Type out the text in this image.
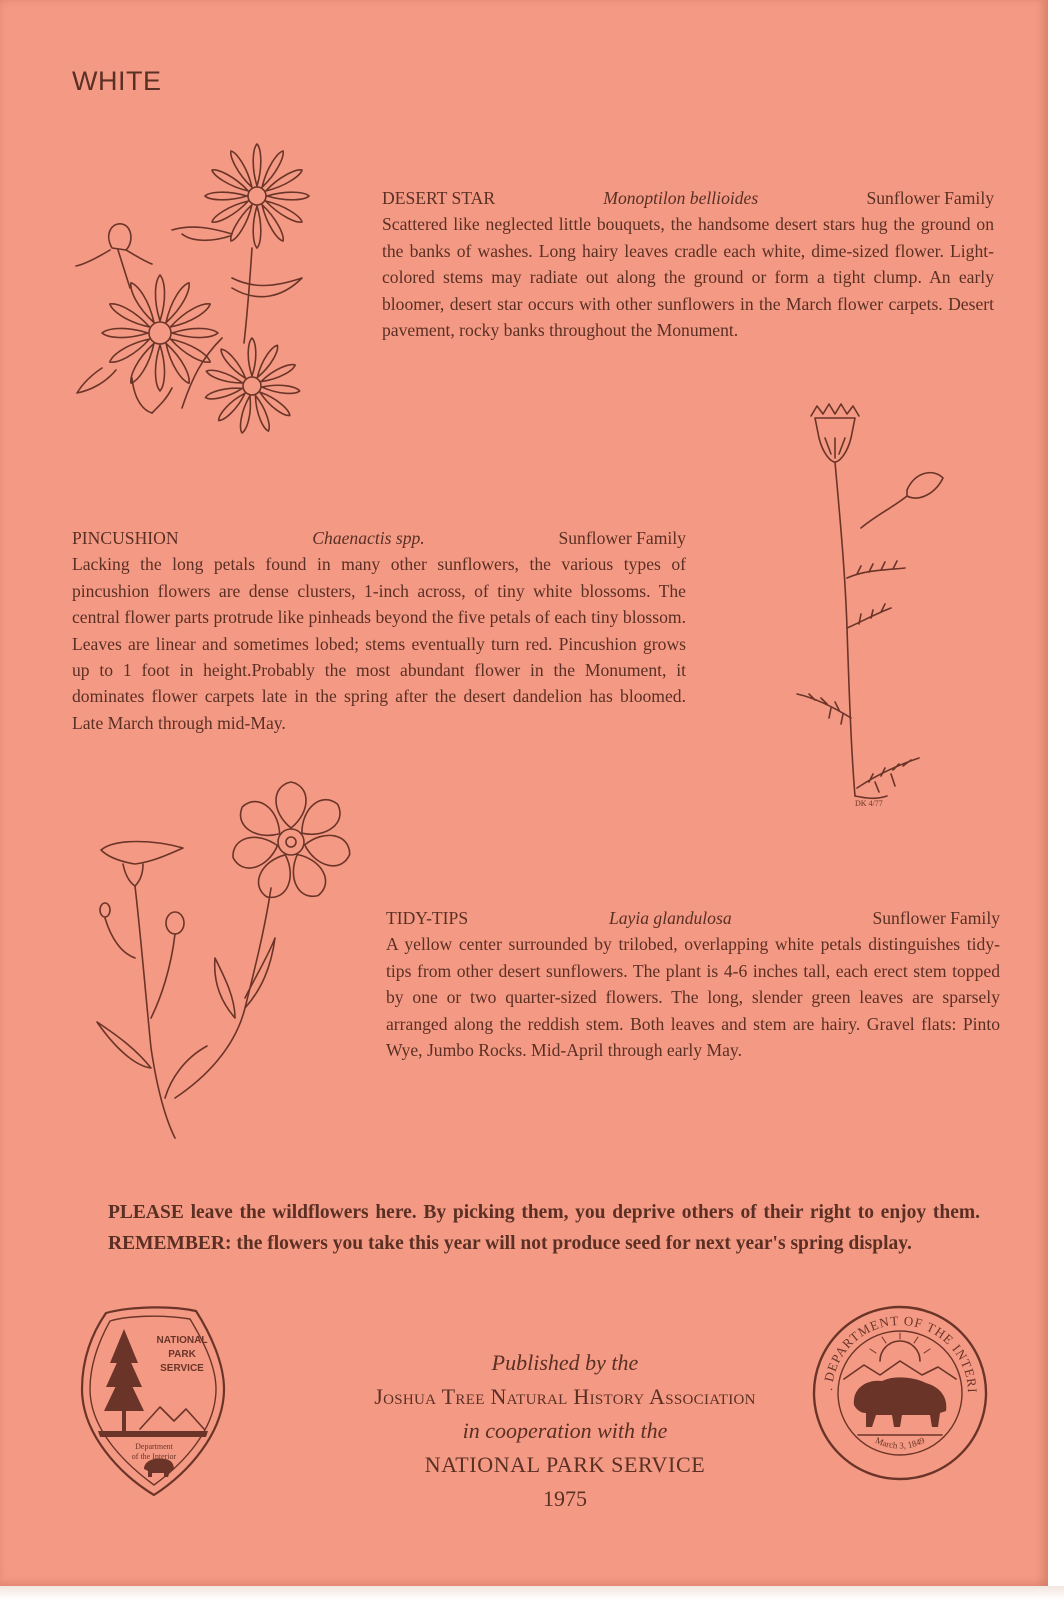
WHITE
DESERT STAR	Monoptilon bellioides	Sunflower Family
Scattered like neglected little bouquets, the handsome desert stars hug the ground on the banks of washes. Long hairy leaves cradle each white, dime-sized flower. Light-colored stems may radiate out along the ground or form a tight clump. An early bloomer, desert star occurs with other sunflowers in the March flower carpets. Desert pavement, rocky banks throughout the Monument.
DK 4/77
PINCUSHION	Chaenactis spp.	Sunflower Family
Lacking the long petals found in many other sunflowers, the various types of pincushion flowers are dense clusters, 1-inch across, of tiny white blossoms. The central flower parts protrude like pinheads beyond the five petals of each tiny blossom. Leaves are linear and sometimes lobed; stems eventually turn red. Pincushion grows up to 1 foot in height.Probably the most abundant flower in the Monument, it dominates flower carpets late in the spring after the desert dandelion has bloomed. Late March through mid-May.
TIDY-TIPS	Layia glandulosa	Sunflower Family
A yellow center surrounded by trilobed, overlapping white petals distinguishes tidy-tips from other desert sunflowers. The plant is 4-6 inches tall, each erect stem topped by one or two quarter-sized flowers. The long, slender green leaves are sparsely arranged along the reddish stem. Both leaves and stem are hairy. Gravel flats: Pinto Wye, Jumbo Rocks. Mid-April through early May.
PLEASE leave the wildflowers here. By picking them, you deprive others of their right to enjoy them. REMEMBER: the flowers you take this year will not produce seed for next year's spring display.
NATIONAL
PARK
SERVICE
Department
of the Interior
Published by the
Joshua Tree Natural History Association
in cooperation with the
NATIONAL PARK SERVICE
1975
U.S. DEPARTMENT OF THE INTERIOR
March 3, 1849
